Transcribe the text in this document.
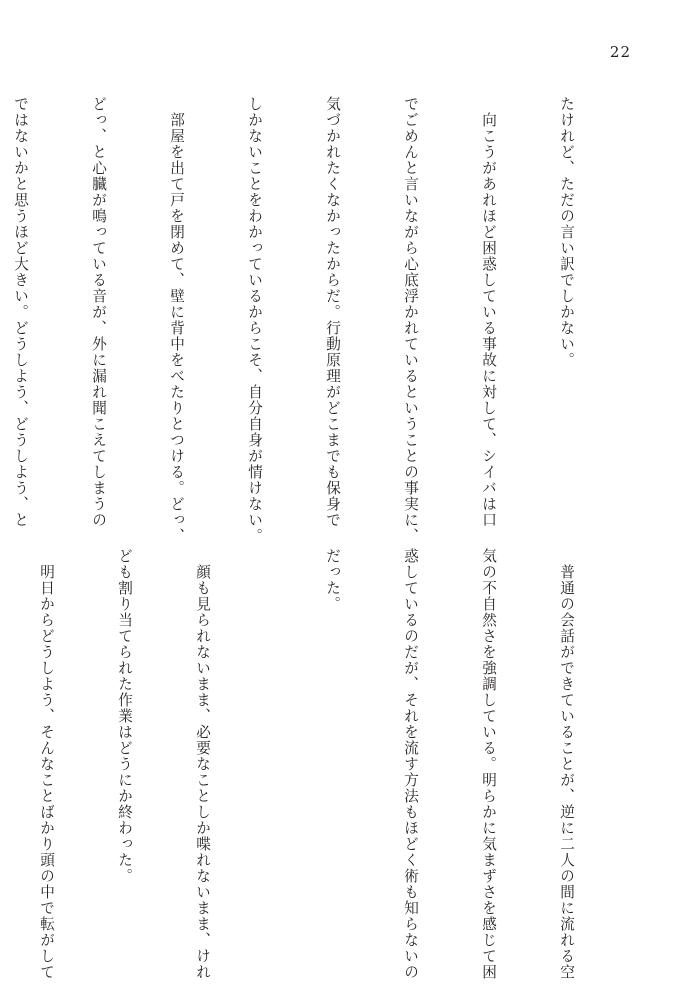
22

たけれど、ただの言い訳でしかない。

　向こうがあれほど困惑している事故に対して、シイバは口

でごめんと言いながら心底浮かれているということの事実に、

気づかれたくなかったからだ。行動原理がどこまでも保身で

しかないことをわかっているからこそ、自分自身が情けない。

　部屋を出て戸を閉めて、壁に背中をべたりとつける。どっ、

どっ、と心臓が鳴っている音が、外に漏れ聞こえてしまうの

ではないかと思うほど大きい。どうしよう、どうしよう、と

　普通の会話ができていることが、逆に二人の間に流れる空

気の不自然さを強調している。明らかに気まずさを感じて困

惑しているのだが、それを流す方法もほどく術も知らないの

だった。

　顔も見られないまま、必要なことしか喋れないまま、けれ

ども割り当てられた作業はどうにか終わった。

　明日からどうしよう、そんなことばかり頭の中で転がして
